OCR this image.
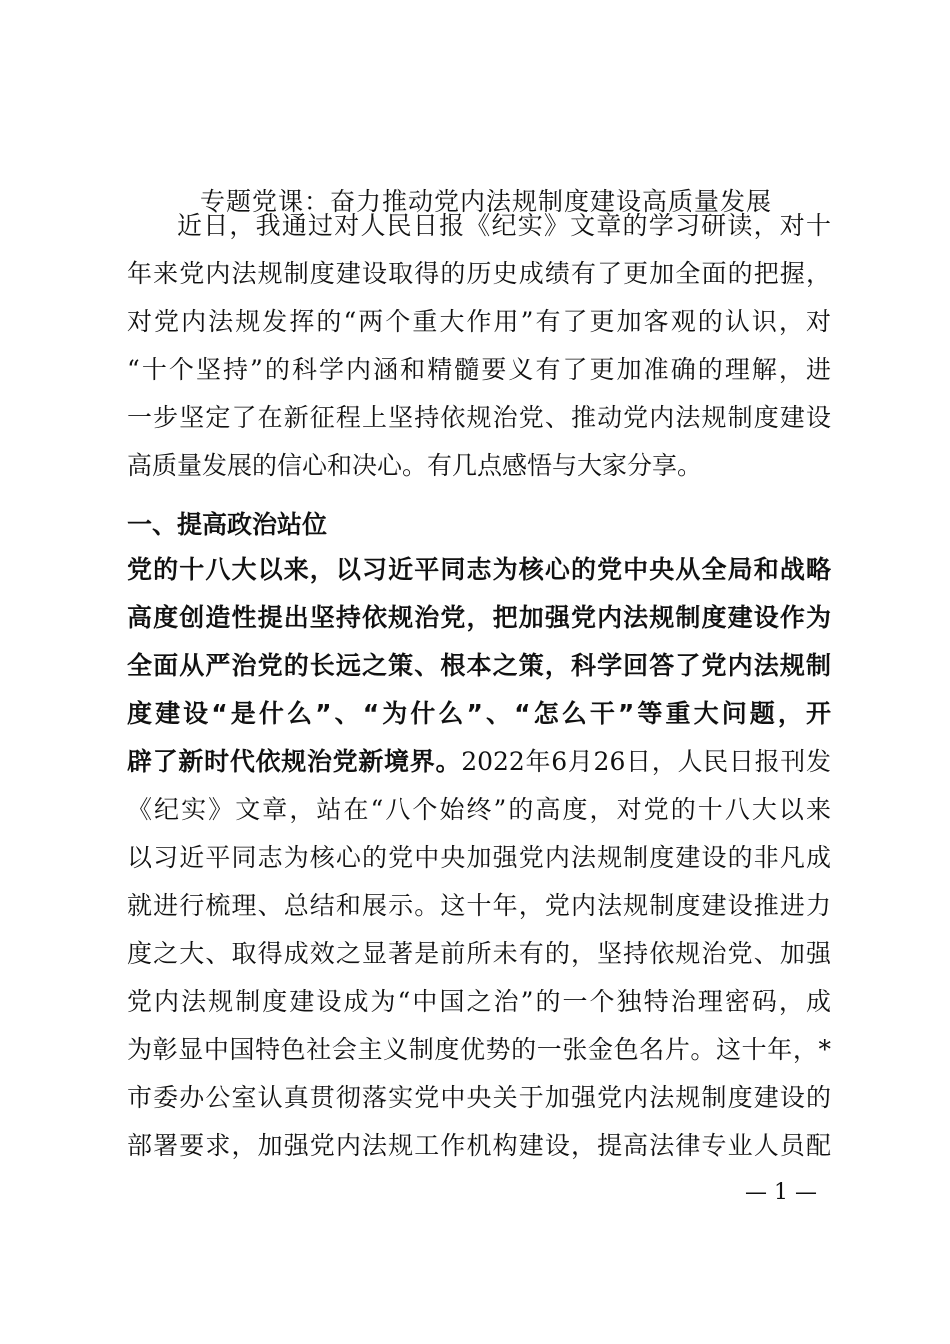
专题党课：奋力推动党内法规制度建设高质量发展
近日，我通过对人民日报《纪实》文章的学习研读，对十
年来党内法规制度建设取得的历史成绩有了更加全面的把握，
对党内法规发挥的“两个重大作用”有了更加客观的认识，对
“十个坚持”的科学内涵和精髓要义有了更加准确的理解，进
一步坚定了在新征程上坚持依规治党、推动党内法规制度建设
高质量发展的信心和决心。有几点感悟与大家分享。
一、提高政治站位
党的十八大以来，以习近平同志为核心的党中央从全局和战略
高度创造性提出坚持依规治党，把加强党内法规制度建设作为
全面从严治党的长远之策、根本之策，科学回答了党内法规制
度建设“是什么”、“为什么”、“怎么干”等重大问题，开
辟了新时代依规治党新境界。2022年6月26日，人民日报刊发
《纪实》文章，站在“八个始终”的高度，对党的十八大以来
以习近平同志为核心的党中央加强党内法规制度建设的非凡成
就进行梳理、总结和展示。这十年，党内法规制度建设推进力
度之大、取得成效之显著是前所未有的，坚持依规治党、加强
党内法规制度建设成为“中国之治”的一个独特治理密码，成
为彰显中国特色社会主义制度优势的一张金色名片。这十年，*
市委办公室认真贯彻落实党中央关于加强党内法规制度建设的
部署要求，加强党内法规工作机构建设，提高法律专业人员配
— 1 —
